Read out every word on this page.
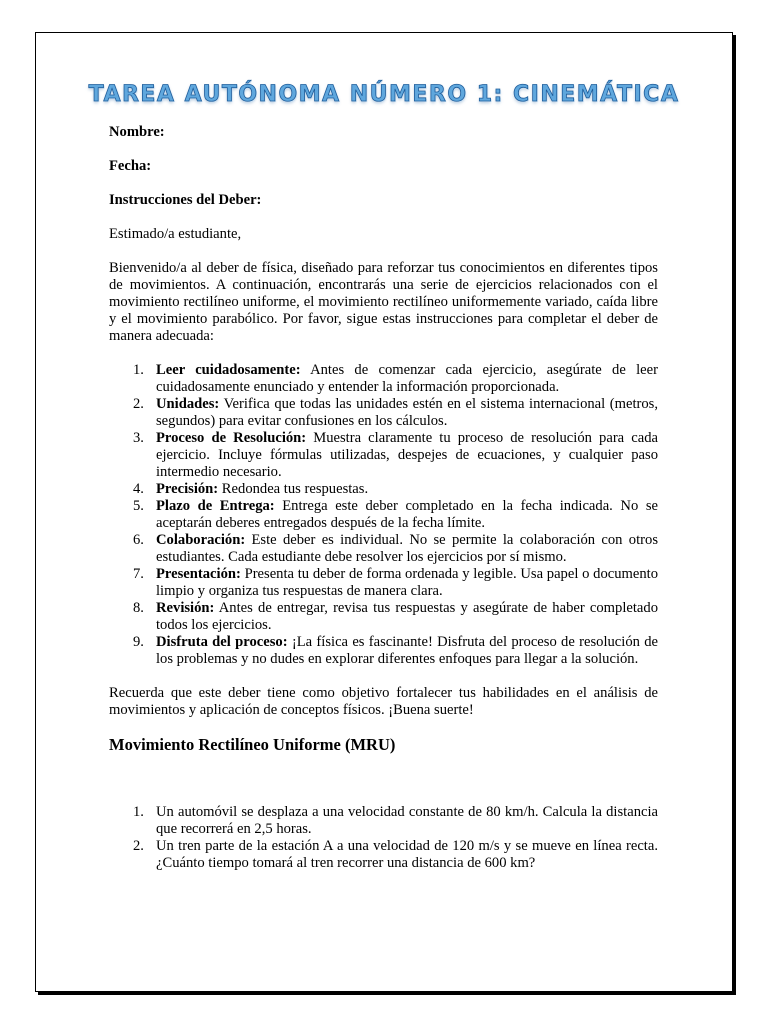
TAREA AUTÓNOMA NÚMERO 1: CINEMÁTICA

Nombre:

Fecha:

Instrucciones del Deber:

Estimado/a estudiante,

Bienvenido/a al deber de física, diseñado para reforzar tus conocimientos en diferentes tipos de movimientos. A continuación, encontrarás una serie de ejercicios relacionados con el movimiento rectilíneo uniforme, el movimiento rectilíneo uniformemente variado, caída libre y el movimiento parabólico. Por favor, sigue estas instrucciones para completar el deber de manera adecuada:

1. Leer cuidadosamente: Antes de comenzar cada ejercicio, asegúrate de leer cuidadosamente enunciado y entender la información proporcionada.
2. Unidades: Verifica que todas las unidades estén en el sistema internacional (metros, segundos) para evitar confusiones en los cálculos.
3. Proceso de Resolución: Muestra claramente tu proceso de resolución para cada ejercicio. Incluye fórmulas utilizadas, despejes de ecuaciones, y cualquier paso intermedio necesario.
4. Precisión: Redondea tus respuestas.
5. Plazo de Entrega: Entrega este deber completado en la fecha indicada. No se aceptarán deberes entregados después de la fecha límite.
6. Colaboración: Este deber es individual. No se permite la colaboración con otros estudiantes. Cada estudiante debe resolver los ejercicios por sí mismo.
7. Presentación: Presenta tu deber de forma ordenada y legible. Usa papel o documento limpio y organiza tus respuestas de manera clara.
8. Revisión: Antes de entregar, revisa tus respuestas y asegúrate de haber completado todos los ejercicios.
9. Disfruta del proceso: ¡La física es fascinante! Disfruta del proceso de resolución de los problemas y no dudes en explorar diferentes enfoques para llegar a la solución.

Recuerda que este deber tiene como objetivo fortalecer tus habilidades en el análisis de movimientos y aplicación de conceptos físicos. ¡Buena suerte!

Movimiento Rectilíneo Uniforme (MRU)

1. Un automóvil se desplaza a una velocidad constante de 80 km/h. Calcula la distancia que recorrerá en 2,5 horas.
2. Un tren parte de la estación A a una velocidad de 120 m/s y se mueve en línea recta. ¿Cuánto tiempo tomará al tren recorrer una distancia de 600 km?
